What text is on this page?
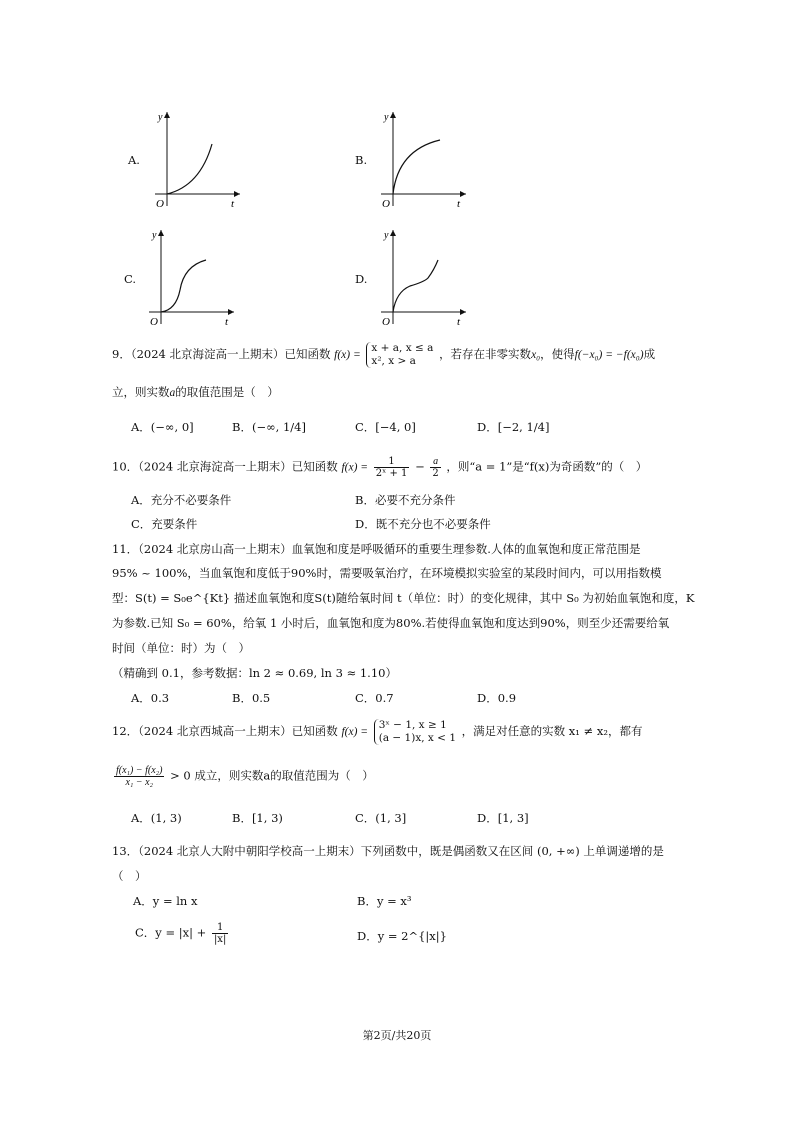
A.
y
O	t
B.
y
O	t
C.
y
O	t
D.
y
O	t
9．（2024 北京海淀高一上期末）已知函数 f(x) =
x + a, x ≤ a
x², x > a	，若存在非零实数x₀，使得f(−x₀) = −f(x₀)成
立，则实数a的取值范围是（　）
A．(−∞, 0]	B．(−∞, 1/4]	C．[−4, 0]	D．[−2, 1/4]
10．（2024 北京海淀高一上期末）已知函数 $f(x) = \frac{1}{\text{2ˣ + 1}} - \frac{a}{2}$ ，则“a = 1”是“f(x)为奇函数”的（　）
A．充分不必要条件	B．必要不充分条件
C．充要条件	D．既不充分也不必要条件
11．（2024 北京房山高一上期末）血氧饱和度是呼吸循环的重要生理参数.人体的血氧饱和度正常范围是
95% ~ 100%，当血氧饱和度低于90%时，需要吸氧治疗，在环境模拟实验室的某段时间内，可以用指数模
型：S(t) = S₀e^{Kt} 描述血氧饱和度S(t)随给氧时间 t（单位：时）的变化规律，其中 S₀ 为初始血氧饱和度，K
为参数.已知 S₀ = 60%，给氧 1 小时后，血氧饱和度为80%.若使得血氧饱和度达到90%，则至少还需要给氧
时间（单位：时）为（　）
（精确到 0.1，参考数据：ln 2 ≈ 0.69, ln 3 ≈ 1.10）
A．0.3	B．0.5	C．0.7	D．0.9
12．（2024 北京西城高一上期末）已知函数 f(x) =
3ˣ − 1, x ≥ 1
(a − 1)x, x < 1 ，满足对任意的实数 x₁ ≠ x₂，都有
$\frac{\text{f(x₁) − f(x₂)}}{\text{x₁ − x₂}} > 0$ 成立，则实数a的取值范围为（　）
A．(1, 3)	B．[1, 3)	C．(1, 3]	D．[1, 3]
13．（2024 北京人大附中朝阳学校高一上期末）下列函数中，既是偶函数又在区间 (0, +∞) 上单调递增的是
（　）
A．y = ln x	B．y = x³
C．$y = |x| + \frac{1}{|x|}$	D．y = 2^{|x|}
第2页/共20页
